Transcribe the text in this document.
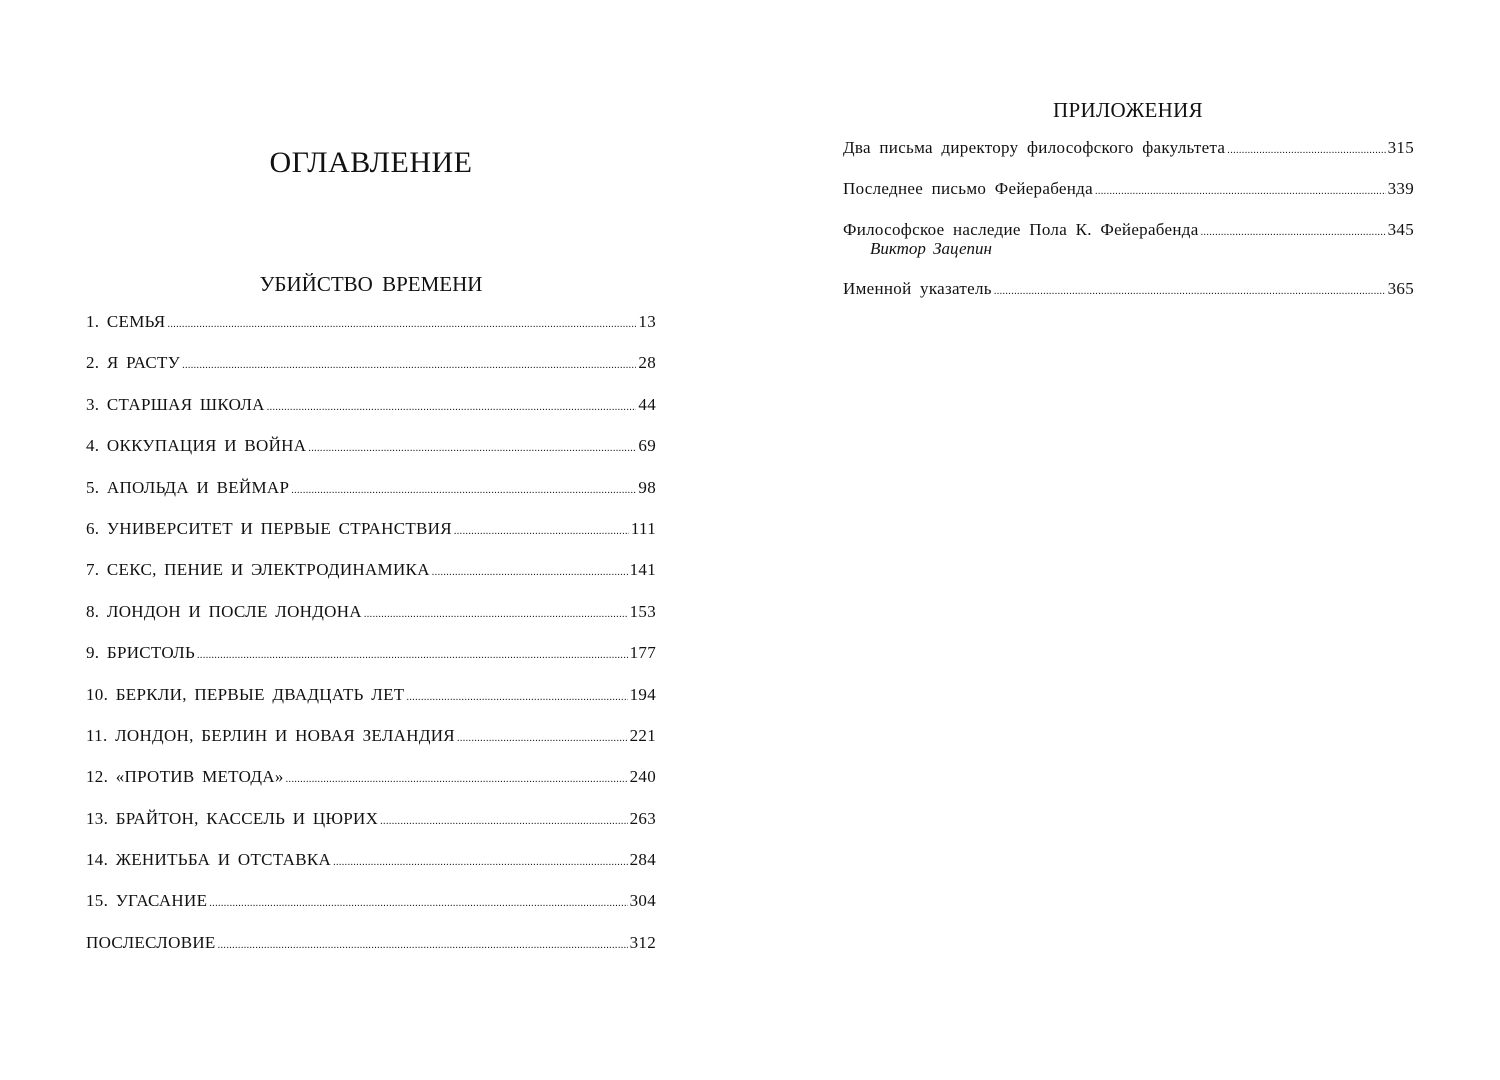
ОГЛАВЛЕНИЕ
УБИЙСТВО ВРЕМЕНИ
1. СЕМЬЯ .....	13
2. Я РАСТУ .....	28
3. СТАРШАЯ ШКОЛА .....	44
4. ОККУПАЦИЯ И ВОЙНА .....	69
5. АПОЛЬДА И ВЕЙМАР .....	98
6. УНИВЕРСИТЕТ И ПЕРВЫЕ СТРАНСТВИЯ .....	111
7. СЕКС, ПЕНИЕ И ЭЛЕКТРОДИНАМИКА .....	141
8. ЛОНДОН И ПОСЛЕ ЛОНДОНА .....	153
9. БРИСТОЛЬ .....	177
10. БЕРКЛИ, ПЕРВЫЕ ДВАДЦАТЬ ЛЕТ .....	194
11. ЛОНДОН, БЕРЛИН И НОВАЯ ЗЕЛАНДИЯ .....	221
12. «ПРОТИВ МЕТОДА» .....	240
13. БРАЙТОН, КАССЕЛЬ И ЦЮРИХ .....	263
14. ЖЕНИТЬБА И ОТСТАВКА .....	284
15. УГАСАНИЕ .....	304
ПОСЛЕСЛОВИЕ .....	312
ПРИЛОЖЕНИЯ
Два письма директору философского факультета .....	315
Последнее письмо Фейерабенда .....	339
Философское наследие Пола К. Фейерабенда .....	345
Виктор Зацепин
Именной указатель .....	365
